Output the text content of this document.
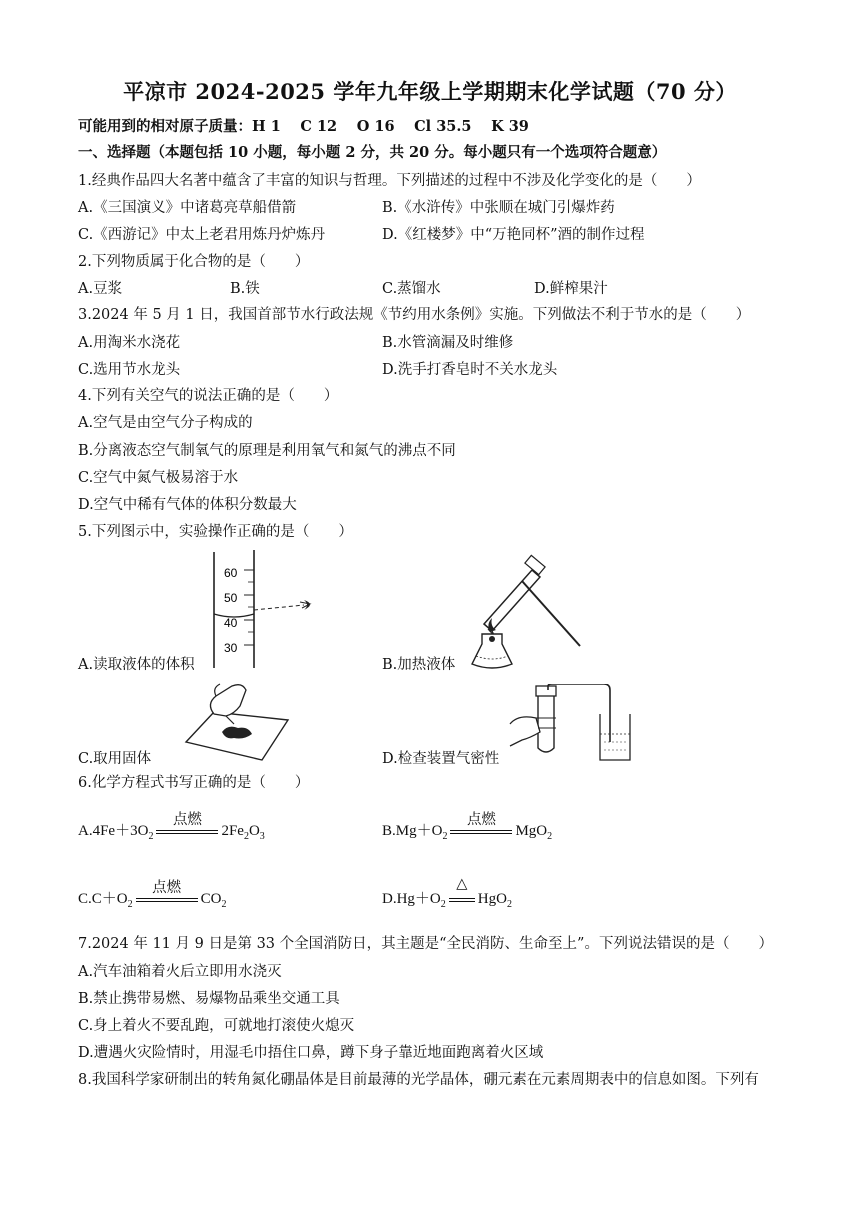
平凉市 2024-2025 学年九年级上学期期末化学试题（70 分）
可能用到的相对原子质量：H 1 　C 12 　O 16 　Cl 35.5 　K 39
一、选择题（本题包括 10 小题，每小题 2 分，共 20 分。每小题只有一个选项符合题意）
1.经典作品四大名著中蕴含了丰富的知识与哲理。下列描述的过程中不涉及化学变化的是（　　）
A.《三国演义》中诸葛亮草船借箭	B.《水浒传》中张顺在城门引爆炸药
C.《西游记》中太上老君用炼丹炉炼丹	D.《红楼梦》中“万艳同杯”酒的制作过程
2.下列物质属于化合物的是（　　）
A.豆浆	B.铁	C.蒸馏水	D.鲜榨果汁
3.2024 年 5 月 1 日，我国首部节水行政法规《节约用水条例》实施。下列做法不利于节水的是（　　）
A.用淘米水浇花	B.水管滴漏及时维修
C.选用节水龙头	D.洗手打香皂时不关水龙头
4.下列有关空气的说法正确的是（　　）
A.空气是由空气分子构成的
B.分离液态空气制氧气的原理是利用氧气和氮气的沸点不同
C.空气中氮气极易溶于水
D.空气中稀有气体的体积分数最大
5.下列图示中，实验操作正确的是（　　）
60
50
40
30
A.读取液体的体积	B.加热液体
C.取用固体	D.检查装置气密性
6.化学方程式书写正确的是（　　）
$A.4Fe+3O_2$
点燃
$2Fe_2O_3$	$B.Mg+O_2$
点燃
MgO$_2$
$C.C+O_2$
点燃
$CO_2$	$D.Hg+O_2$
△
HgO$_2$
7.2024 年 11 月 9 日是第 33 个全国消防日，其主题是“全民消防、生命至上”。下列说法错误的是（　　）
A.汽车油箱着火后立即用水浇灭
B.禁止携带易燃、易爆物品乘坐交通工具
C.身上着火不要乱跑，可就地打滚使火熄灭
D.遭遇火灾险情时，用湿毛巾捂住口鼻，蹲下身子靠近地面跑离着火区域
8.我国科学家研制出的转角氮化硼晶体是目前最薄的光学晶体，硼元素在元素周期表中的信息如图。下列有
